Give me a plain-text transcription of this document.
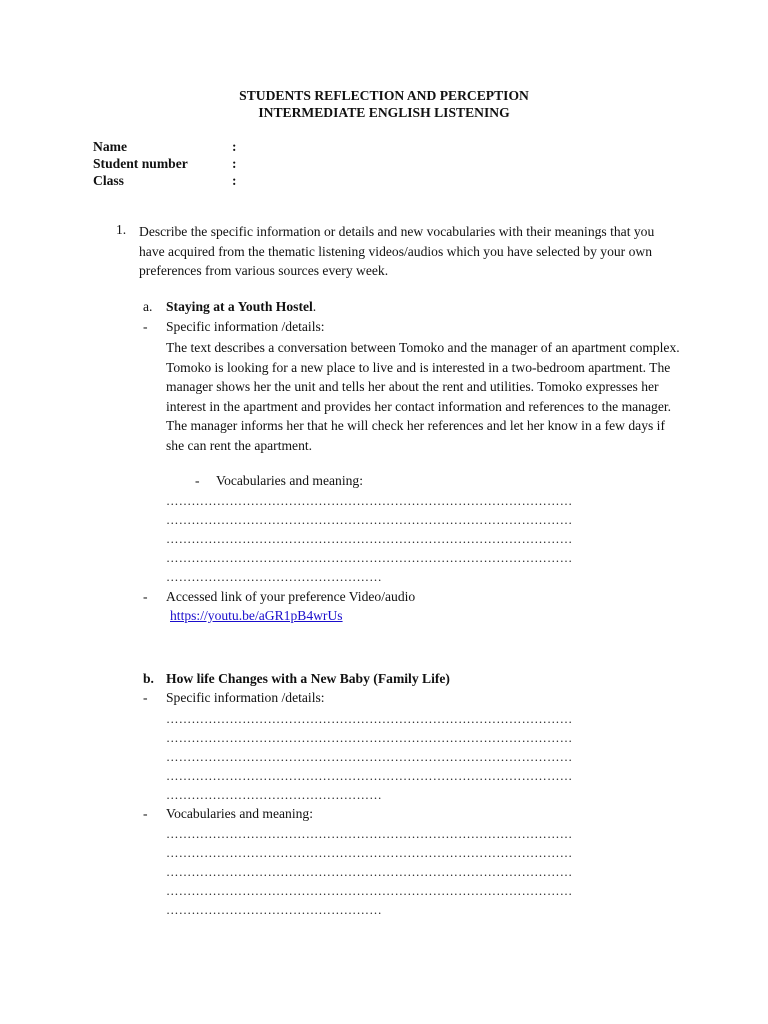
STUDENTS REFLECTION AND PERCEPTION
INTERMEDIATE ENGLISH LISTENING
Name	:
Student number	:
Class	:
1. Describe the specific information or details and new vocabularies with their meanings that you have acquired from the thematic listening videos/audios which you have selected by your own preferences from various sources every week.
a. Staying at a Youth Hostel.
- Specific information /details:
The text describes a conversation between Tomoko and the manager of an apartment complex. Tomoko is looking for a new place to live and is interested in a two-bedroom apartment. The manager shows her the unit and tells her about the rent and utilities. Tomoko expresses her interest in the apartment and provides her contact information and references to the manager. The manager informs her that he will check her references and let her know in a few days if she can rent the apartment.
- Vocabularies and meaning:
……………………………………………………………………………………
……………………………………………………………………………………
……………………………………………………………………………………
……………………………………………………………………………………
……………………………………………
- Accessed link of your preference Video/audio
https://youtu.be/aGR1pB4wrUs
b. How life Changes with a New Baby (Family Life)
- Specific information /details:
……………………………………………………………………………………
……………………………………………………………………………………
……………………………………………………………………………………
……………………………………………………………………………………
……………………………………………
- Vocabularies and meaning:
……………………………………………………………………………………
……………………………………………………………………………………
……………………………………………………………………………………
……………………………………………………………………………………
……………………………………………
